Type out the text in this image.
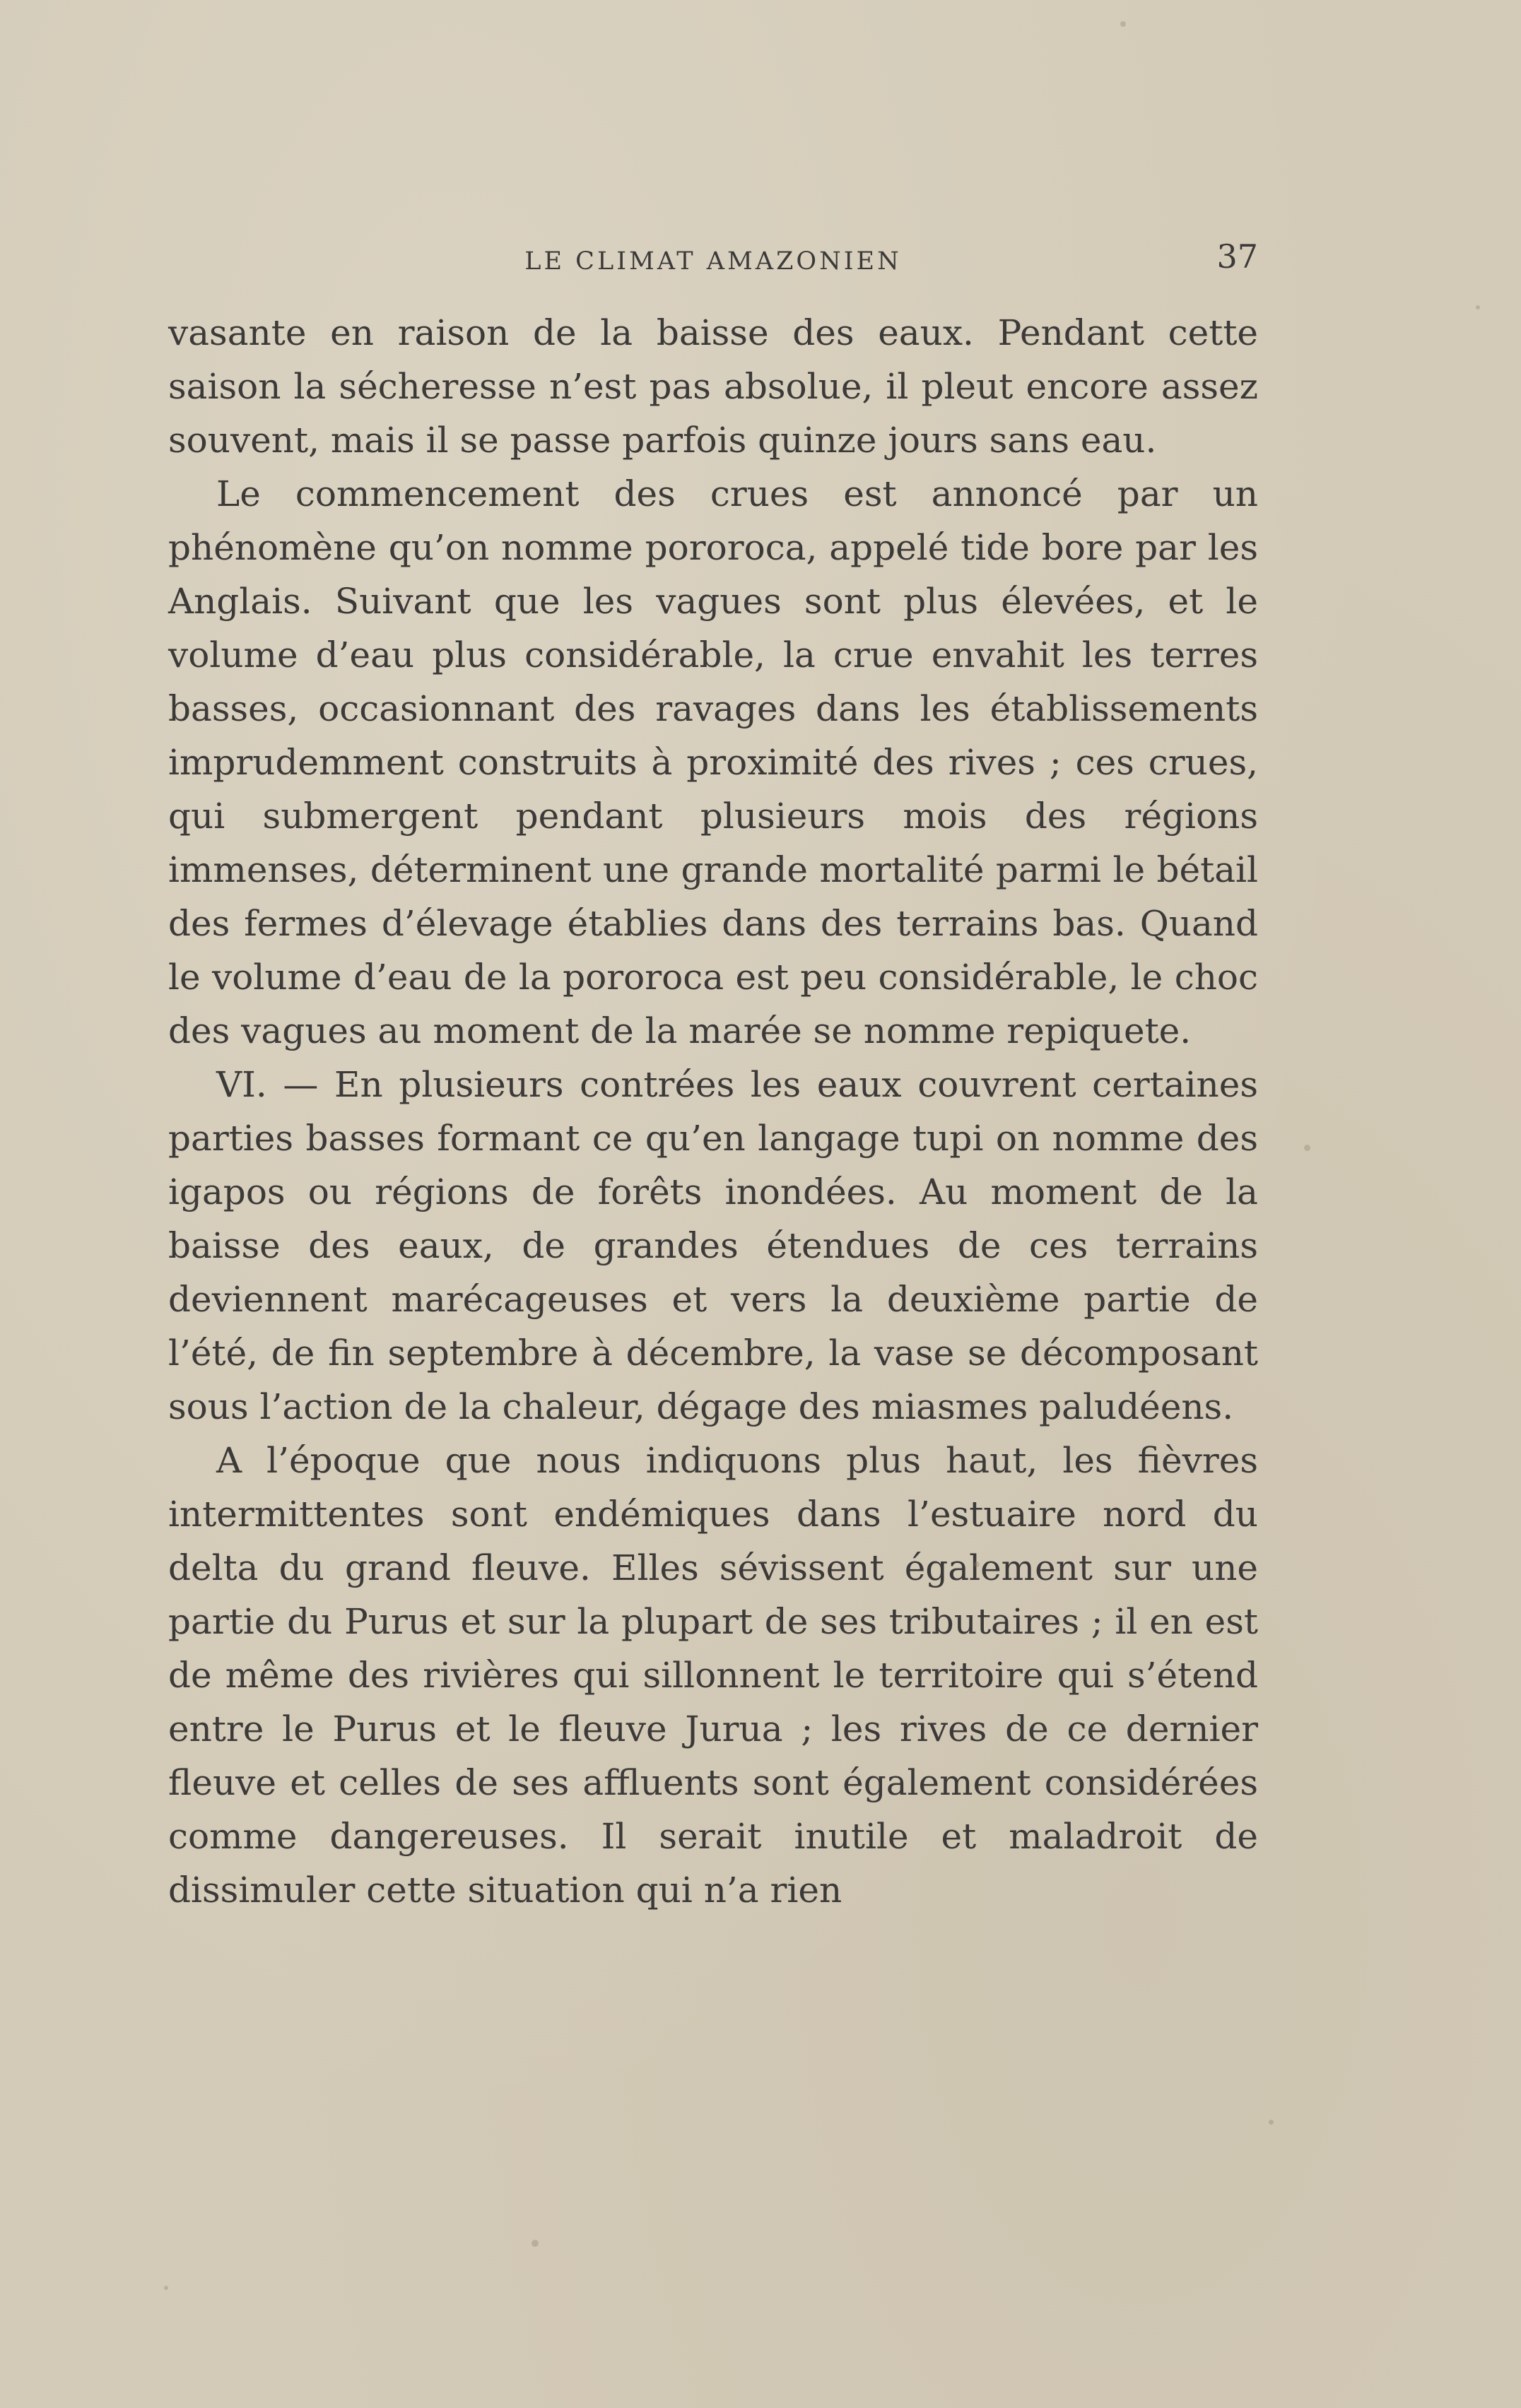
LE CLIMAT AMAZONIEN	37

vasante en raison de la baisse des eaux. Pendant cette saison la sécheresse n’est pas absolue, il pleut encore assez souvent, mais il se passe parfois quinze jours sans eau.

Le commencement des crues est annoncé par un phénomène qu’on nomme pororoca, appelé tide bore par les Anglais. Suivant que les vagues sont plus élevées, et le volume d’eau plus considérable, la crue envahit les terres basses, occasionnant des ravages dans les établissements imprudemment construits à proximité des rives ; ces crues, qui submergent pendant plusieurs mois des régions immenses, déterminent une grande mortalité parmi le bétail des fermes d’élevage établies dans des terrains bas. Quand le volume d’eau de la pororoca est peu considérable, le choc des vagues au moment de la marée se nomme repiquete.

VI. — En plusieurs contrées les eaux couvrent certaines parties basses formant ce qu’en langage tupi on nomme des igapos ou régions de forêts inondées. Au moment de la baisse des eaux, de grandes étendues de ces terrains deviennent marécageuses et vers la deuxième partie de l’été, de fin septembre à décembre, la vase se décomposant sous l’action de la chaleur, dégage des miasmes paludéens.

A l’époque que nous indiquons plus haut, les fièvres intermittentes sont endémiques dans l’estuaire nord du delta du grand fleuve. Elles sévissent également sur une partie du Purus et sur la plupart de ses tributaires ; il en est de même des rivières qui sillonnent le territoire qui s’étend entre le Purus et le fleuve Jurua ; les rives de ce dernier fleuve et celles de ses affluents sont également considérées comme dangereuses. Il serait inutile et maladroit de dissimuler cette situation qui n’a rien
